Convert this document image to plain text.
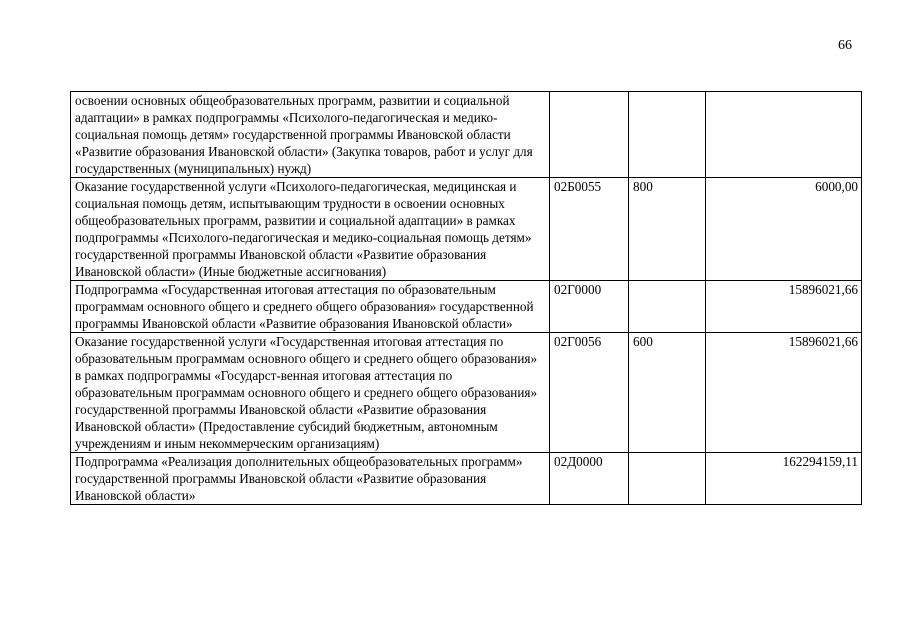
66
освоении основных общеобразовательных программ, развитии и социальной адаптации» в рамках подпрограммы «Психолого-педагогическая и медико-социальная помощь детям» государственной программы Ивановской области «Развитие образования Ивановской области» (Закупка товаров, работ и услуг для государственных (муниципальных) нужд)			
Оказание государственной услуги «Психолого-педагогическая, медицинская и социальная помощь детям, испытывающим трудности в освоении основных общеобразовательных программ, развитии и социальной адаптации» в рамках подпрограммы «Психолого-педагогическая и медико-социальная помощь детям» государственной программы Ивановской области «Развитие образования Ивановской области» (Иные бюджетные ассигнования)	02Б0055	800	6000,00
Подпрограмма «Государственная итоговая аттестация по образовательным программам основного общего и среднего общего образования» государственной программы Ивановской области «Развитие образования Ивановской области»	02Г0000		15896021,66
Оказание государственной услуги «Государственная итоговая аттестация по образовательным программам основного общего и среднего общего образования» в рамках подпрограммы «Государст-венная итоговая аттестация по образовательным программам основного общего и среднего общего образования» государственной программы Ивановской области «Развитие образования Ивановской области» (Предоставление субсидий бюджетным, автономным учреждениям и иным некоммерческим организациям)	02Г0056	600	15896021,66
Подпрограмма «Реализация дополнительных общеобразовательных программ» государственной программы Ивановской области «Развитие образования Ивановской области»	02Д0000		162294159,11
